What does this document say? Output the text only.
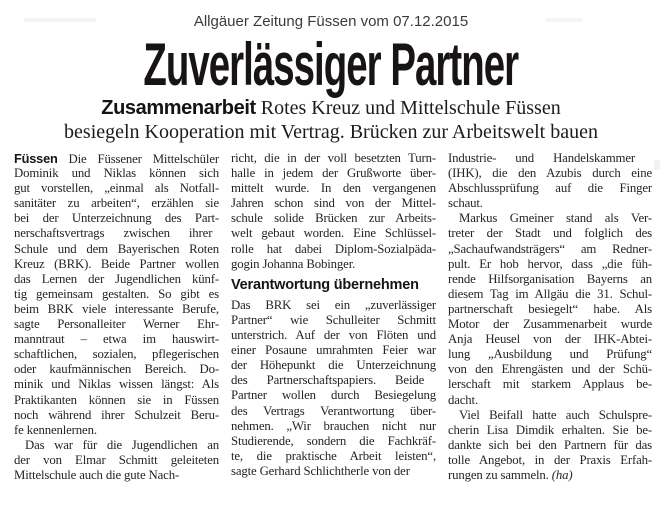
Allgäuer Zeitung Füssen vom 07.12.2015
Zuverlässiger Partner
Zusammenarbeit Rotes Kreuz und Mittelschule Füssen
besiegeln Kooperation mit Vertrag. Brücken zur Arbeitswelt bauen
Füssen Die Füssener Mittelschüler
Dominik und Niklas können sich
gut vorstellen, „einmal als Notfall-
sanitäter zu arbeiten“, erzählen sie
bei der Unterzeichnung des Part-
nerschaftsvertrags zwischen ihrer
Schule und dem Bayerischen Roten
Kreuz (BRK). Beide Partner wollen
das Lernen der Jugendlichen künf-
tig gemeinsam gestalten. So gibt es
beim BRK viele interessante Berufe,
sagte Personalleiter Werner Ehr-
manntraut – etwa im hauswirt-
schaftlichen, sozialen, pflegerischen
oder kaufmännischen Bereich. Do-
minik und Niklas wissen längst: Als
Praktikanten können sie in Füssen
noch während ihrer Schulzeit Beru-
fe kennenlernen.
Das war für die Jugendlichen an
der von Elmar Schmitt geleiteten
Mittelschule auch die gute Nach-
richt, die in der voll besetzten Turn-
halle in jedem der Grußworte über-
mittelt wurde. In den vergangenen
Jahren schon sind von der Mittel-
schule solide Brücken zur Arbeits-
welt gebaut worden. Eine Schlüssel-
rolle hat dabei Diplom-Sozialpäda-
gogin Johanna Bobinger.
Verantwortung übernehmen
Das BRK sei ein „zuverlässiger
Partner“ wie Schulleiter Schmitt
unterstrich. Auf der von Flöten und
einer Posaune umrahmten Feier war
der Höhepunkt die Unterzeichnung
des Partnerschaftspapiers. Beide
Partner wollen durch Besiegelung
des Vertrags Verantwortung über-
nehmen. „Wir brauchen nicht nur
Studierende, sondern die Fachkräf-
te, die praktische Arbeit leisten“,
sagte Gerhard Schlichtherle von der
Industrie- und Handelskammer
(IHK), die den Azubis durch eine
Abschlussprüfung auf die Finger
schaut.
Markus Gmeiner stand als Ver-
treter der Stadt und folglich des
„Sachaufwandsträgers“ am Redner-
pult. Er hob hervor, dass „die füh-
rende Hilfsorganisation Bayerns an
diesem Tag im Allgäu die 31. Schul-
partnerschaft besiegelt“ habe. Als
Motor der Zusammenarbeit wurde
Anja Heusel von der IHK-Abtei-
lung „Ausbildung und Prüfung“
von den Ehrengästen und der Schü-
lerschaft mit starkem Applaus be-
dacht.
Viel Beifall hatte auch Schulspre-
cherin Lisa Dimdik erhalten. Sie be-
dankte sich bei den Partnern für das
tolle Angebot, in der Praxis Erfah-
rungen zu sammeln. (ha)
